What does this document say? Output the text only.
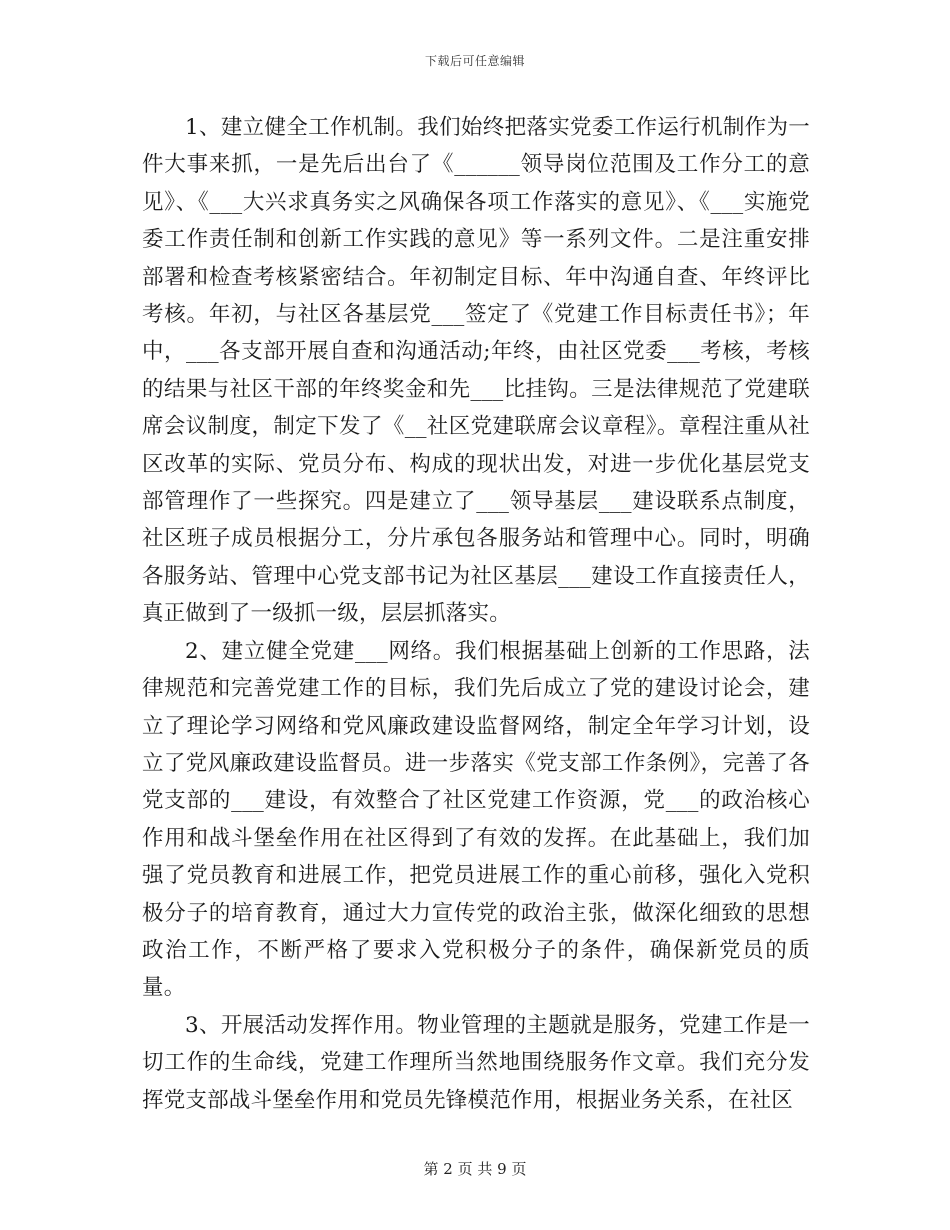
下载后可任意编辑

1、建立健全工作机制。我们始终把落实党委工作运行机制作为一件大事来抓，一是先后出台了《______领导岗位范围及工作分工的意见》、《___大兴求真务实之风确保各项工作落实的意见》、《___实施党委工作责任制和创新工作实践的意见》等一系列文件。二是注重安排部署和检查考核紧密结合。年初制定目标、年中沟通自查、年终评比考核。年初，与社区各基层党___签定了《党建工作目标责任书》；年中，___各支部开展自查和沟通活动;年终，由社区党委___考核，考核的结果与社区干部的年终奖金和先___比挂钩。三是法律规范了党建联席会议制度，制定下发了《__社区党建联席会议章程》。章程注重从社区改革的实际、党员分布、构成的现状出发，对进一步优化基层党支部管理作了一些探究。四是建立了___领导基层___建设联系点制度，社区班子成员根据分工，分片承包各服务站和管理中心。同时，明确各服务站、管理中心党支部书记为社区基层___建设工作直接责任人，真正做到了一级抓一级，层层抓落实。

2、建立健全党建___网络。我们根据基础上创新的工作思路，法律规范和完善党建工作的目标，我们先后成立了党的建设讨论会，建立了理论学习网络和党风廉政建设监督网络，制定全年学习计划，设立了党风廉政建设监督员。进一步落实《党支部工作条例》，完善了各党支部的___建设，有效整合了社区党建工作资源，党___的政治核心作用和战斗堡垒作用在社区得到了有效的发挥。在此基础上，我们加强了党员教育和进展工作，把党员进展工作的重心前移，强化入党积极分子的培育教育，通过大力宣传党的政治主张，做深化细致的思想政治工作，不断严格了要求入党积极分子的条件，确保新党员的质量。

3、开展活动发挥作用。物业管理的主题就是服务，党建工作是一切工作的生命线，党建工作理所当然地围绕服务作文章。我们充分发挥党支部战斗堡垒作用和党员先锋模范作用，根据业务关系，在社区

第 2 页 共 9 页
